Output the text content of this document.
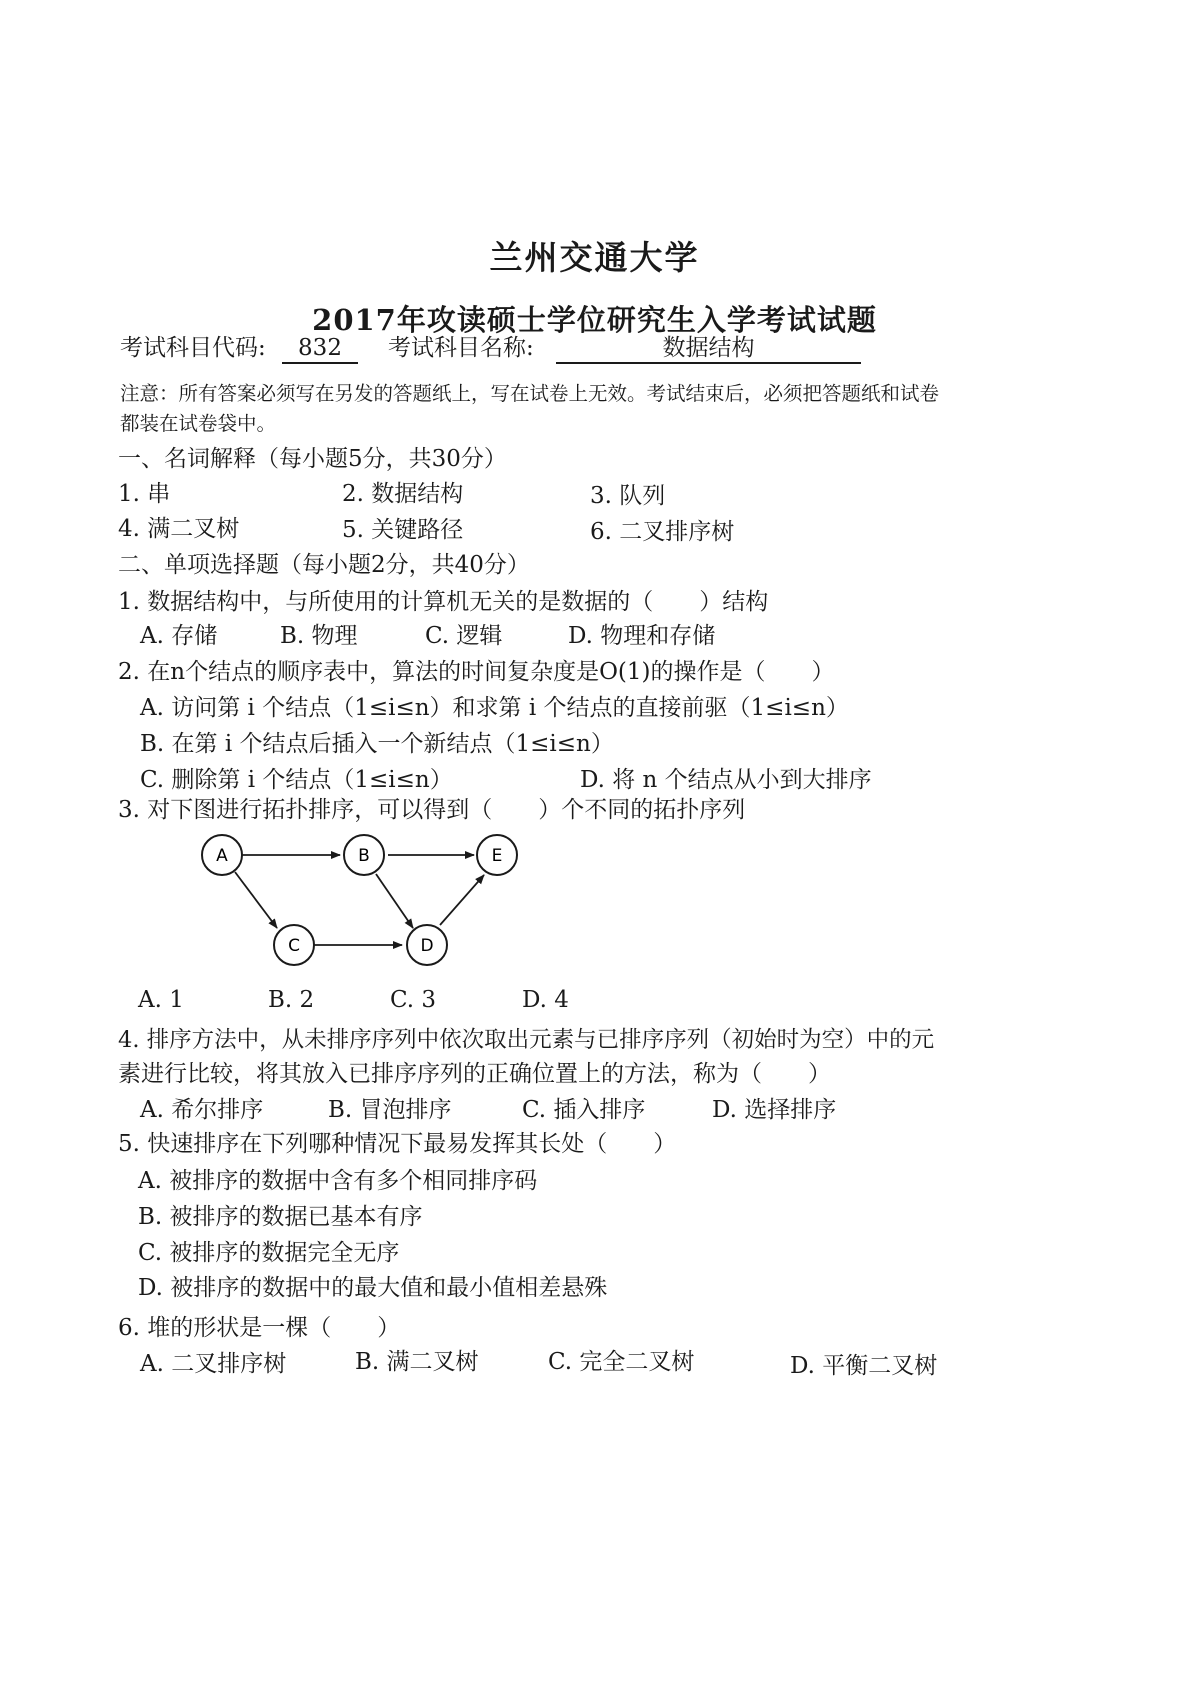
兰州交通大学
2017年攻读硕士学位研究生入学考试试题
考试科目代码:	832	考试科目名称:	数据结构
注意：所有答案必须写在另发的答题纸上，写在试卷上无效。考试结束后，必须把答题纸和试卷
都装在试卷袋中。
一、名词解释（每小题5分，共30分）
1. 串	2. 数据结构	3. 队列
4. 满二叉树	5. 关键路径	6. 二叉排序树
二、单项选择题（每小题2分，共40分）
1. 数据结构中，与所使用的计算机无关的是数据的（　　）结构
A. 存储	B. 物理	C. 逻辑	D. 物理和存储
2. 在n个结点的顺序表中，算法的时间复杂度是O(1)的操作是（　　）
A. 访问第 i 个结点（1≤i≤n）和求第 i 个结点的直接前驱（1≤i≤n）
B. 在第 i 个结点后插入一个新结点（1≤i≤n）
C. 删除第 i 个结点（1≤i≤n）	D. 将 n 个结点从小到大排序
3. 对下图进行拓扑排序，可以得到（　　）个不同的拓扑序列
A	B
C	D
E
A. 1	B. 2	C. 3	D. 4
4. 排序方法中，从未排序序列中依次取出元素与已排序序列（初始时为空）中的元
素进行比较，将其放入已排序序列的正确位置上的方法，称为（　　）
A. 希尔排序	B. 冒泡排序	C. 插入排序	D. 选择排序
5. 快速排序在下列哪种情况下最易发挥其长处（　　）
A. 被排序的数据中含有多个相同排序码
B. 被排序的数据已基本有序
C. 被排序的数据完全无序
D. 被排序的数据中的最大值和最小值相差悬殊
6. 堆的形状是一棵（　　）
A. 二叉排序树	B. 满二叉树	C. 完全二叉树	D. 平衡二叉树
